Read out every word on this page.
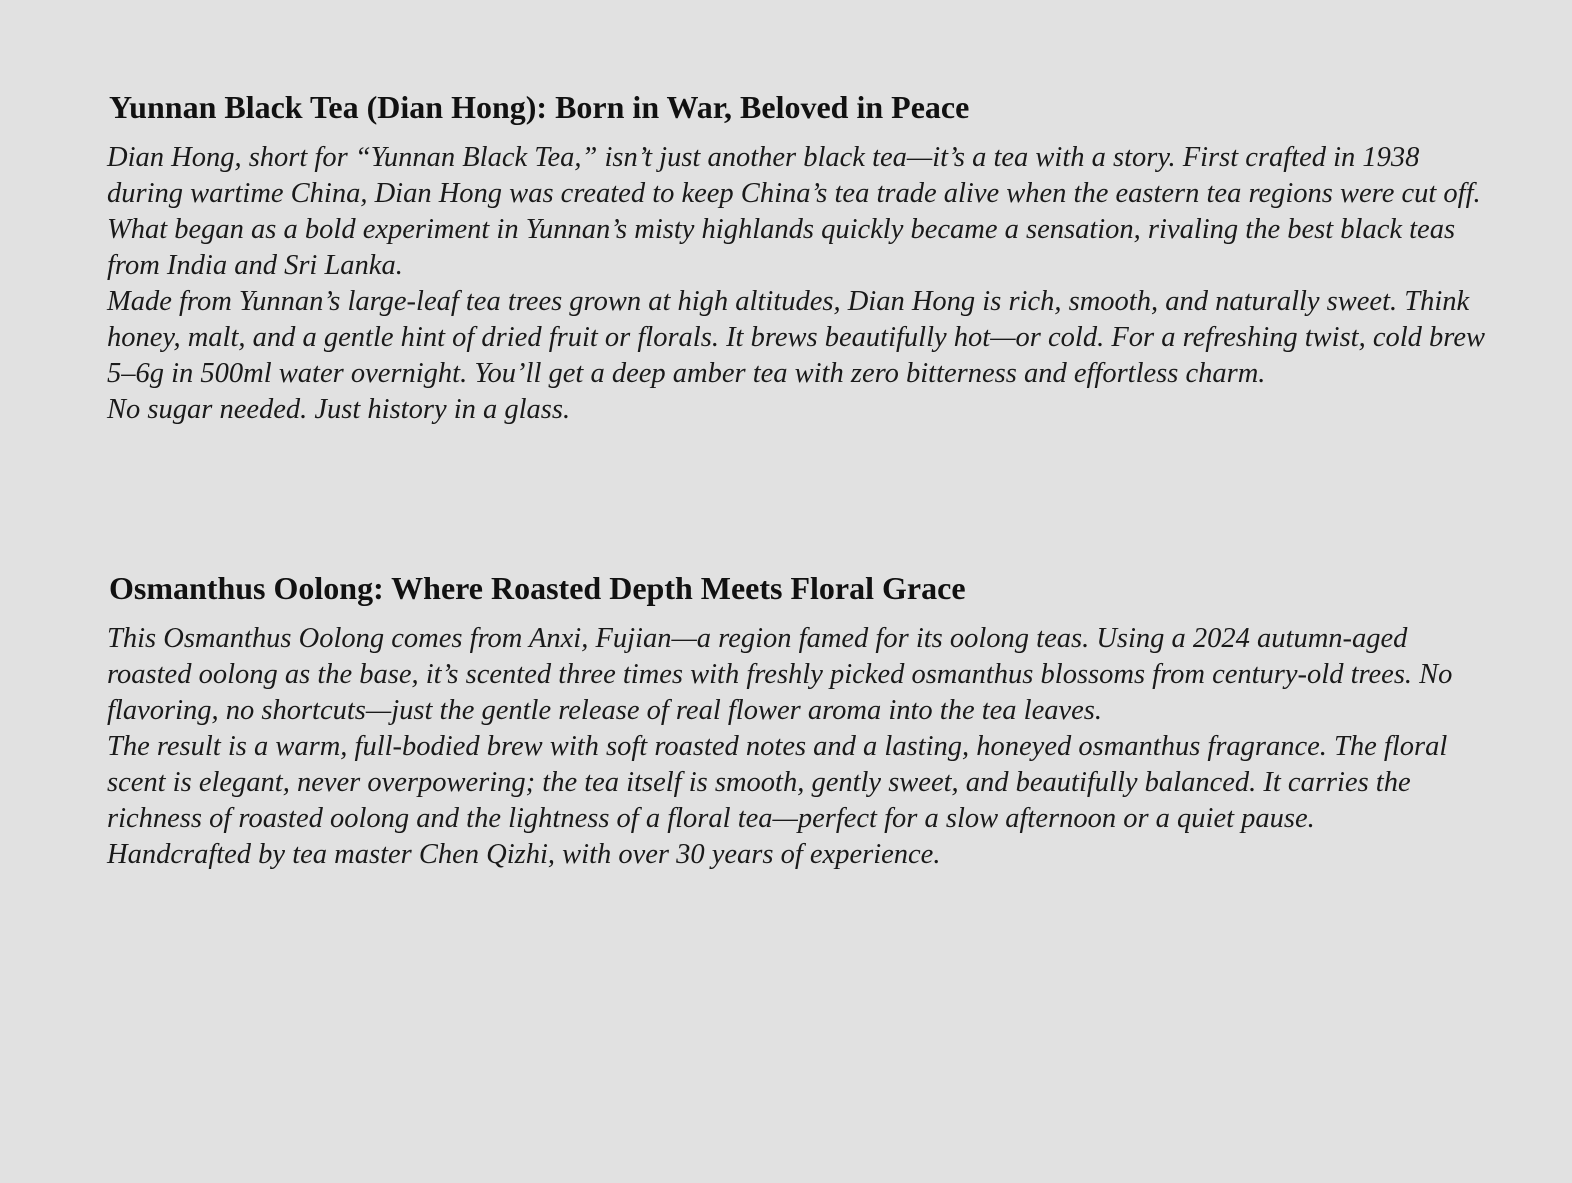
Yunnan Black Tea (Dian Hong): Born in War, Beloved in Peace

Dian Hong, short for “Yunnan Black Tea,” isn’t just another black tea—it’s a tea with a story. First crafted in 1938 during wartime China, Dian Hong was created to keep China’s tea trade alive when the eastern tea regions were cut off. What began as a bold experiment in Yunnan’s misty highlands quickly became a sensation, rivaling the best black teas from India and Sri Lanka.

Made from Yunnan’s large-leaf tea trees grown at high altitudes, Dian Hong is rich, smooth, and naturally sweet. Think honey, malt, and a gentle hint of dried fruit or florals. It brews beautifully hot—or cold. For a refreshing twist, cold brew 5–6g in 500ml water overnight. You’ll get a deep amber tea with zero bitterness and effortless charm.

No sugar needed. Just history in a glass.

Osmanthus Oolong: Where Roasted Depth Meets Floral Grace

This Osmanthus Oolong comes from Anxi, Fujian—a region famed for its oolong teas. Using a 2024 autumn-aged roasted oolong as the base, it’s scented three times with freshly picked osmanthus blossoms from century-old trees. No flavoring, no shortcuts—just the gentle release of real flower aroma into the tea leaves.

The result is a warm, full-bodied brew with soft roasted notes and a lasting, honeyed osmanthus fragrance. The floral scent is elegant, never overpowering; the tea itself is smooth, gently sweet, and beautifully balanced. It carries the richness of roasted oolong and the lightness of a floral tea—perfect for a slow afternoon or a quiet pause.

Handcrafted by tea master Chen Qizhi, with over 30 years of experience.
